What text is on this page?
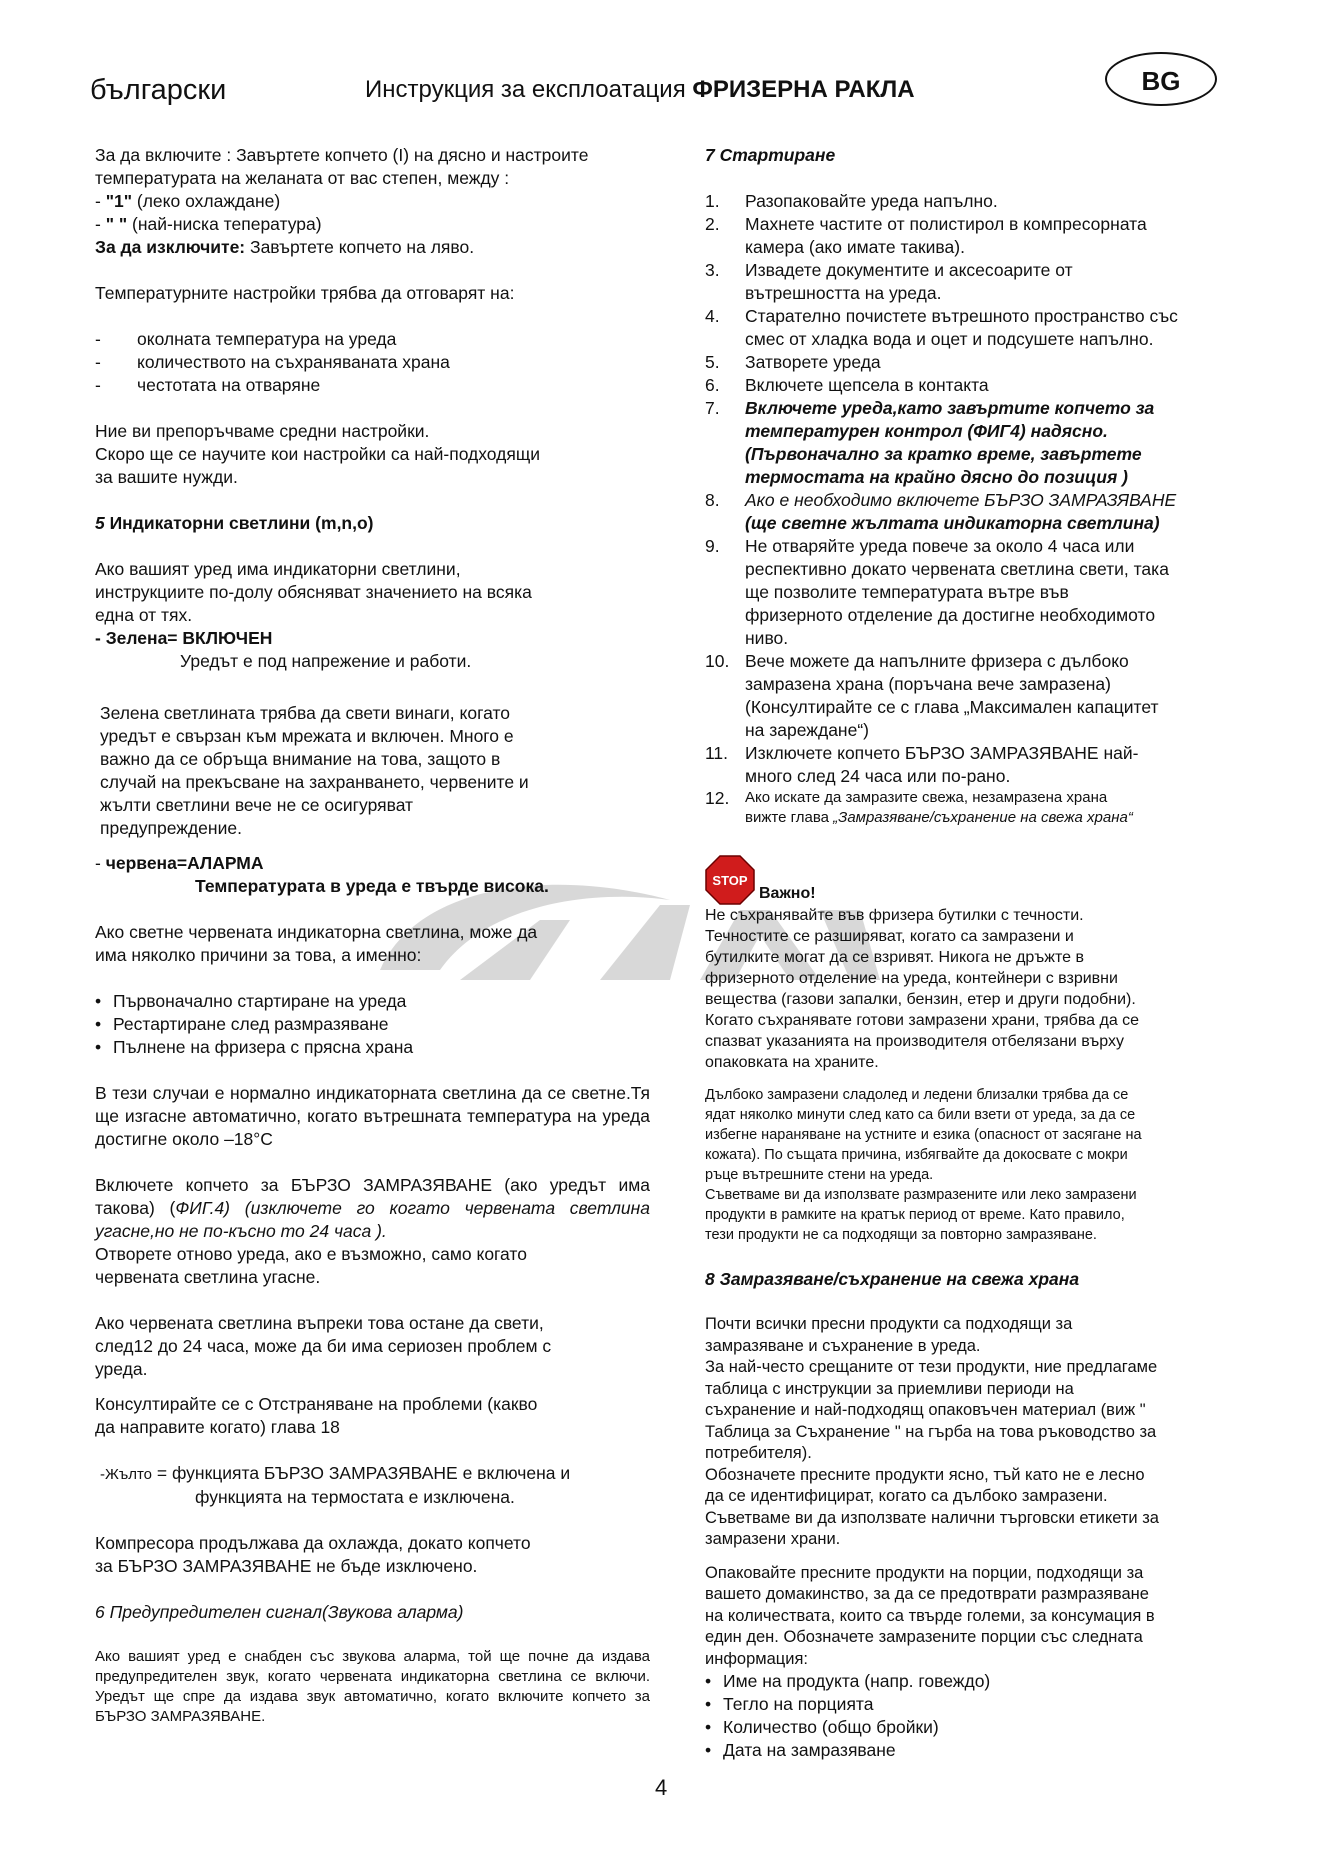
български	Инструкция за експлоатация ФРИЗЕРНА РАКЛА	BG

За да включите : Завъртете копчето (I) на дясно и настроите

температурата на желаната от вас степен, между :

- "1" (леко охлаждане)

- " " (най-ниска тепература)

За да изключите: Завъртете копчето на ляво.

Температурните настройки трябва да отговарят на:

-	околната температура на уреда
-	количеството на съхраняваната храна
-	честотата на отваряне

Ние ви препоръчваме средни настройки.

Скоро ще се научите кои настройки са най-подходящи

за вашите нужди.

5 Индикаторни светлини (m,n,o)

Ако вашият уред има индикаторни светлини,

инструкциите по-долу обясняват значението на всяка

една от тях.

- Зелена= ВКЛЮЧЕН

Уредът е под напрежение и работи.

Зелена светлината трябва да свети винаги, когато

уредът е свързан към мрежата и включен. Много е

важно да се обръща внимание на това, защото в

случай на прекъсване на захранването, червените и

жълти светлини вече не се осигуряват

предупреждение.

- червена=АЛАРМА

Температурата в уреда е твърде висока.

Ако светне червената индикаторна светлина, може да

има няколко причини за това, а именно:

• Първоначално стартиране на уреда
• Рестартиране след размразяване
• Пълнене на фризера с прясна храна

В тези случаи е нормално индикаторната светлина да се светне.Тя ще изгасне автоматично, когато вътрешната температура на уреда достигне около –18°C

Включете копчето за БЪРЗО ЗАМРАЗЯВАНЕ (ако уредът има такова) (ФИГ.4) (изключете го когато червената светлина угасне,но не по-късно то 24 часа ).

Отворете отново уреда, ако е възможно, само когато

червената светлина угасне.

Ако червената светлина въпреки това остане да свети,

след12 до 24 часа, може да би има сериозен проблем с

уреда.

Консултирайте се с Отстраняване на проблеми (какво

да направите когато) глава 18

-Жълто = функцията БЪРЗО ЗАМРАЗЯВАНЕ е включена и

функцията на термостата е изключена.

Компресора продължава да охлажда, докато копчето

за БЪРЗО ЗАМРАЗЯВАНЕ не бъде изключено.

6 Предупредителен сигнал(Звукова аларма)

Ако вашият уред е снабден със звукова аларма, той ще почне да издава предупредителен звук, когато червената индикаторна светлина се включи. Уредът ще спре да издава звук автоматично, когато включите копчето за БЪРЗО ЗАМРАЗЯВАНЕ.

7 Стартиране

1.	Разопаковайте уреда напълно.

2.	Махнете частите от полистирол в компресорната

камера (ако имате такива).

3.	Извадете документите и аксесоарите от

вътрешността на уреда.

4.	Старателно почистете вътрешното пространство със

смес от хладка вода и оцет и подсушете напълно.

5.	Затворете уреда

6.	Включете щепсела в контакта

7.	Включете уреда,като завъртите копчето за

температурен контрол (ФИГ4) надясно.

(Първоначално за кратко време, завъртете

термостата на крайно дясно до позиция )

8.	Ако е необходимо включете БЪРЗО ЗАМРАЗЯВАНЕ

(ще светне жълтата индикаторна светлина)

9.	Не отваряйте уреда повече за около 4 часа или

респективно докато червената светлина свети, така

ще позволите температурата вътре във

фризерното отделение да достигне необходимото

ниво.

10. Вече можете да напълните фризера с дълбоко

замразена храна (поръчана вече замразена)

(Консултирайте се с глава „Максимален капацитет

на зареждане“)

11. Изключете копчето БЪРЗО ЗАМРАЗЯВАНЕ най-

много след 24 часа или по-рано.

12.	Ако искате да замразите свежа, незамразена храна

вижте глава „Замразяване/съхранение на свежа храна“

STOP
Важно!

Не съхранявайте във фризера бутилки с течности.

Течностите се разширяват, когато са замразени и

бутилките могат да се взривят. Никога не дръжте в

фризерното отделение на уреда, контейнери с взривни

вещества (газови запалки, бензин, етер и други подобни).

Когато съхранявате готови замразени храни, трябва да се

спазват указанията на производителя отбелязани върху

опаковката на храните.

Дълбоко замразени сладолед и ледени близалки трябва да се

ядат няколко минути след като са били взети от уреда, за да се

избегне нараняване на устните и езика (опасност от засягане на

кожата). По същата причина, избягвайте да докосвате с мокри

ръце вътрешните стени на уреда.

Съветваме ви да използвате размразените или леко замразени

продукти в рамките на кратък период от време. Като правило,

тези продукти не са подходящи за повторно замразяване.

8 Замразяване/съхранение на свежа храна

Почти всички пресни продукти са подходящи за

замразяване и съхранение в уреда.

За най-често срещаните от тези продукти, ние предлагаме

таблица с инструкции за приемливи периоди на

съхранение и най-подходящ опаковъчен материал (виж "

Таблица за Съхранение " на гърба на това ръководство за

потребителя).

Обозначете пресните продукти ясно, тъй като не е лесно

да се идентифицират, когато са дълбоко замразени.

Съветваме ви да използвате налични търговски етикети за

замразени храни.

Опаковайте пресните продукти на порции, подходящи за

вашето домакинство, за да се предотврати размразяване

на количествата, които са твърде големи, за консумация в

един ден. Обозначете замразените порции със следната

информация:

• Име на продукта (напр. говеждо)
• Тегло на порцията
• Количество (общо бройки)
• Дата на замразяване
4
